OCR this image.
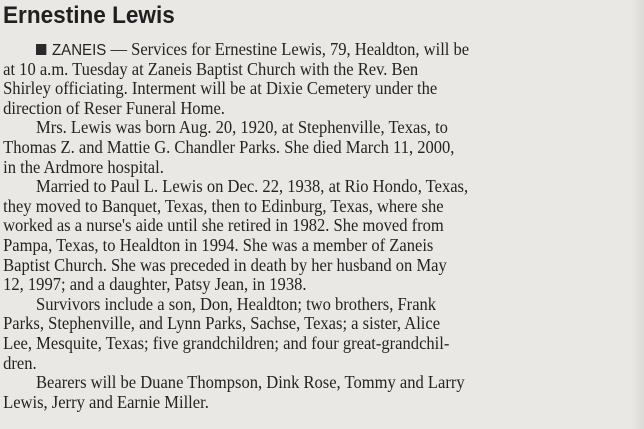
Ernestine Lewis
ZANEIS — Services for Ernestine Lewis, 79, Healdton, will be
at 10 a.m. Tuesday at Zaneis Baptist Church with the Rev. Ben
Shirley officiating. Interment will be at Dixie Cemetery under the
direction of Reser Funeral Home.
Mrs. Lewis was born Aug. 20, 1920, at Stephenville, Texas, to
Thomas Z. and Mattie G. Chandler Parks. She died March 11, 2000,
in the Ardmore hospital.
Married to Paul L. Lewis on Dec. 22, 1938, at Rio Hondo, Texas,
they moved to Banquet, Texas, then to Edinburg, Texas, where she
worked as a nurse's aide until she retired in 1982. She moved from
Pampa, Texas, to Healdton in 1994. She was a member of Zaneis
Baptist Church. She was preceded in death by her husband on May
12, 1997; and a daughter, Patsy Jean, in 1938.
Survivors include a son, Don, Healdton; two brothers, Frank
Parks, Stephenville, and Lynn Parks, Sachse, Texas; a sister, Alice
Lee, Mesquite, Texas; five grandchildren; and four great-grandchil-
dren.
Bearers will be Duane Thompson, Dink Rose, Tommy and Larry
Lewis, Jerry and Earnie Miller.
